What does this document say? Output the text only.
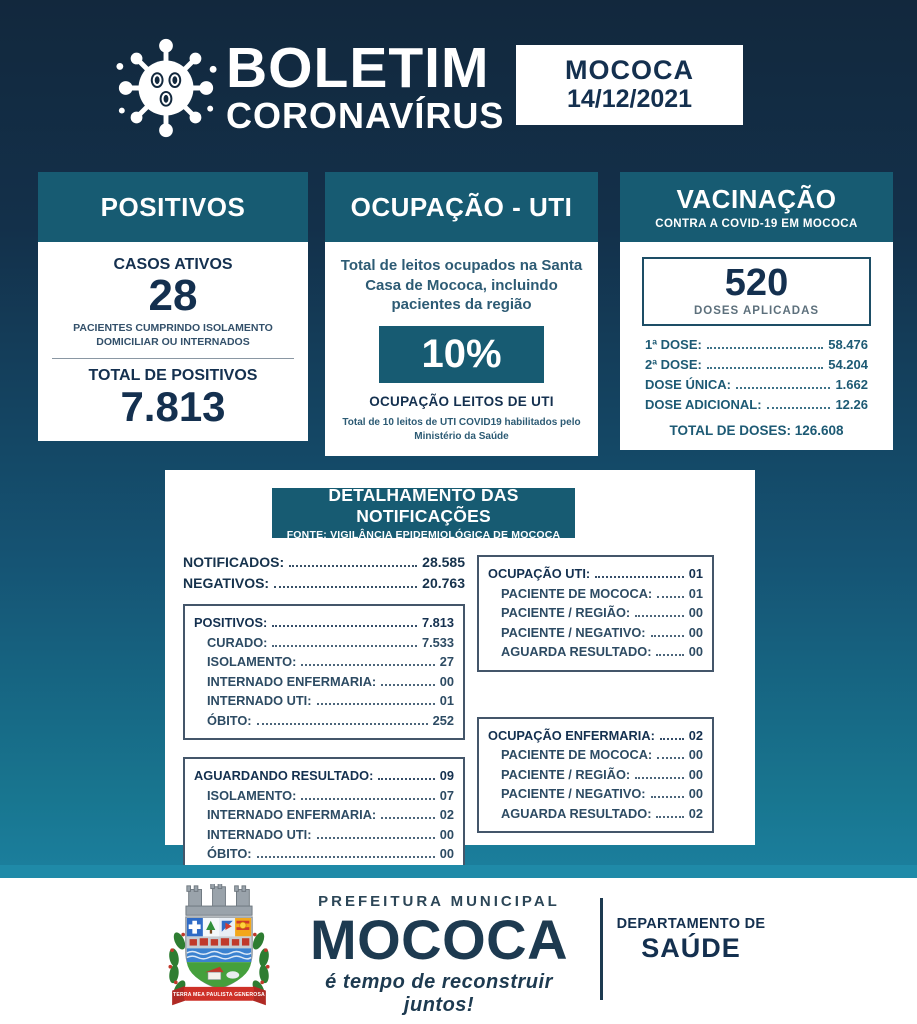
BOLETIM
CORONAVÍRUS
MOCOCA
14/12/2021
POSITIVOS
CASOS ATIVOS
28
PACIENTES CUMPRINDO ISOLAMENTO DOMICILIAR OU INTERNADOS
TOTAL DE POSITIVOS
7.813
OCUPAÇÃO - UTI
Total de leitos ocupados na Santa Casa de Mococa, incluindo pacientes da região
10%
OCUPAÇÃO LEITOS DE UTI
Total de 10 leitos de UTI COVID19 habilitados pelo Ministério da Saúde
VACINAÇÃO
CONTRA A COVID-19 EM MOCOCA
520
DOSES APLICADAS
1ª DOSE:	58.476
2ª DOSE:	54.204
DOSE ÚNICA:	1.662
DOSE ADICIONAL:	12.26
TOTAL DE DOSES: 126.608
DETALHAMENTO DAS NOTIFICAÇÕES
FONTE: VIGILÂNCIA EPIDEMIOLÓGICA DE MOCOCA
NOTIFICADOS:	28.585
NEGATIVOS:	20.763
POSITIVOS:	7.813
CURADO:	7.533
ISOLAMENTO:	27
INTERNADO ENFERMARIA:	00
INTERNADO UTI:	01
ÓBITO:	252
AGUARDANDO RESULTADO:	09
ISOLAMENTO:	07
INTERNADO ENFERMARIA:	02
INTERNADO UTI:	00
ÓBITO:	00
OCUPAÇÃO UTI:	01
PACIENTE DE MOCOCA:	01
PACIENTE / REGIÃO:	00
PACIENTE / NEGATIVO:	00
AGUARDA RESULTADO:	00
OCUPAÇÃO ENFERMARIA:	02
PACIENTE DE MOCOCA:	00
PACIENTE / REGIÃO:	00
PACIENTE / NEGATIVO:	00
AGUARDA RESULTADO:	02
TERRA MEA PAULISTA GENEROSA
PREFEITURA MUNICIPAL
MOCOCA
é tempo de reconstruir juntos!
DEPARTAMENTO DE
SAÚDE
